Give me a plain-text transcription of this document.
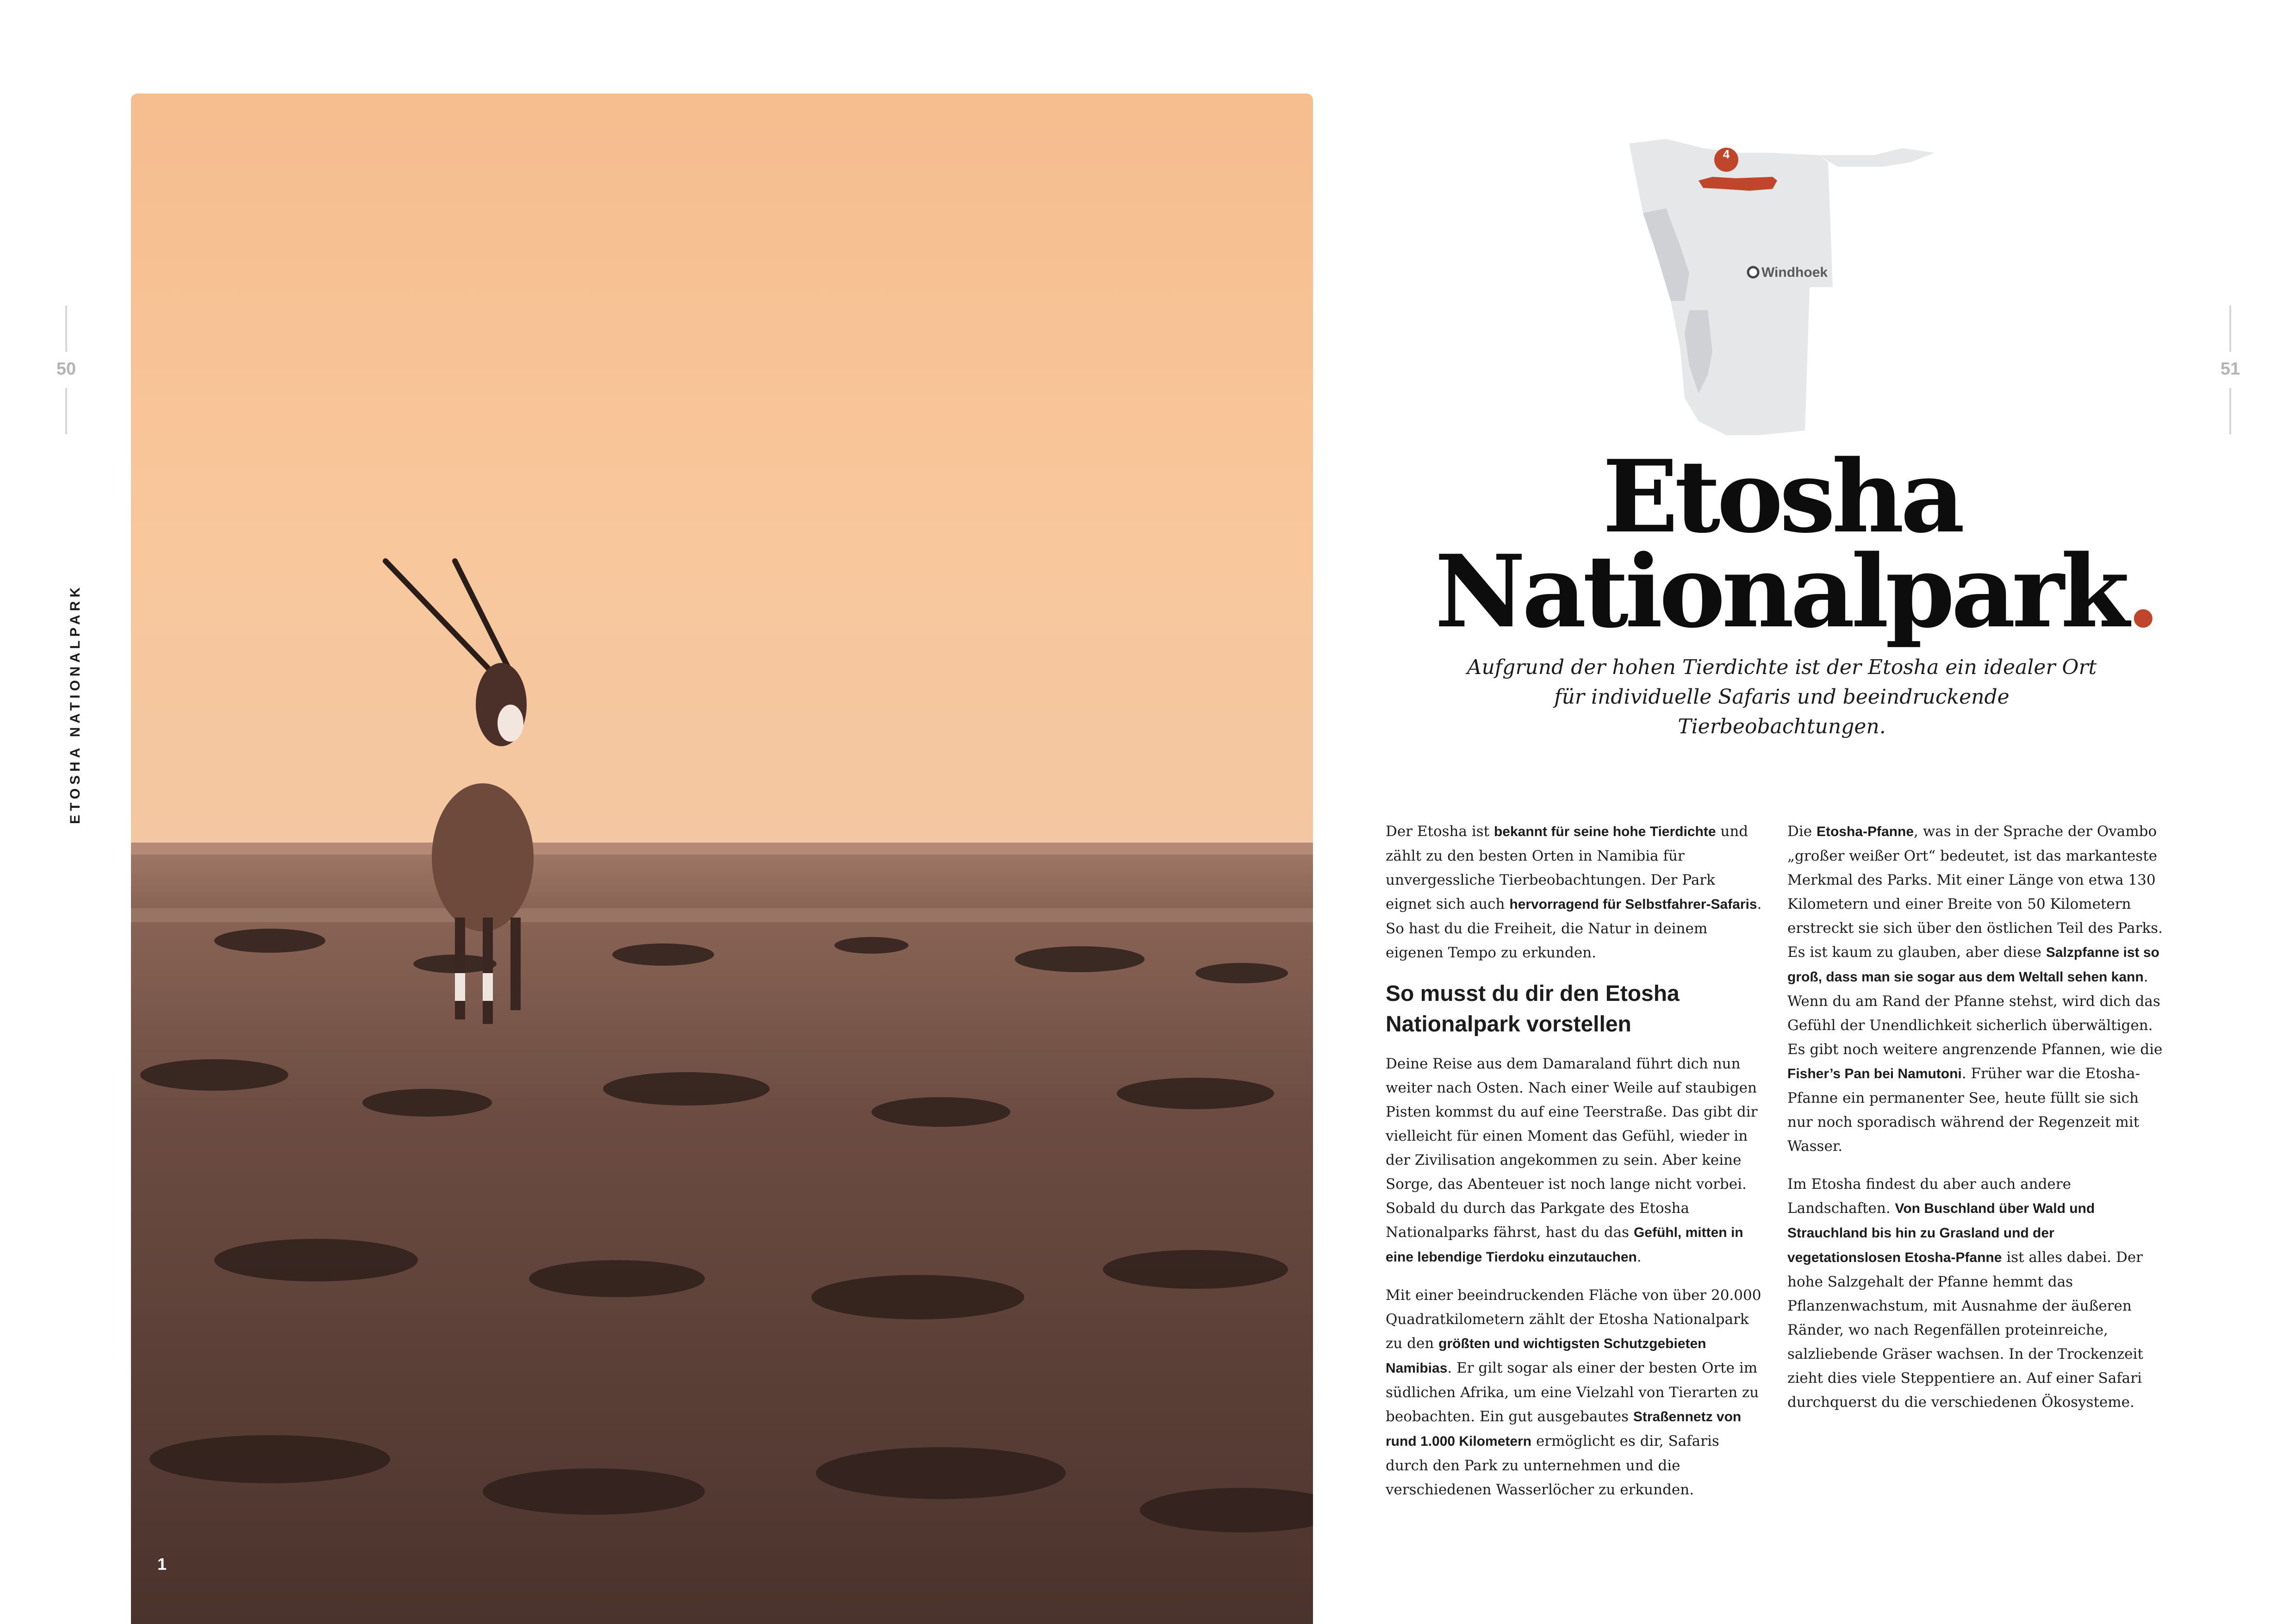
50	51
ETOSHA NATIONALPARK
1
4
Windhoek
Etosha
Nationalpark.
Aufgrund der hohen Tierdichte ist der Etosha ein idealer Ort für individuelle Safaris und beeindruckende Tierbeobachtungen.

Der Etosha ist bekannt für seine hohe Tierdichte und zählt zu den besten Orten in Namibia für unvergessliche Tierbeobachtungen. Der Park eignet sich auch hervorragend für Selbstfahrer-Safaris. So hast du die Freiheit, die Natur in deinem eigenen Tempo zu erkunden.

So musst du dir den Etosha Nationalpark vorstellen

Deine Reise aus dem Damaraland führt dich nun weiter nach Osten. Nach einer Weile auf staubigen Pisten kommst du auf eine Teerstraße. Das gibt dir vielleicht für einen Moment das Gefühl, wieder in der Zivilisation angekommen zu sein. Aber keine Sorge, das Abenteuer ist noch lange nicht vorbei. Sobald du durch das Parkgate des Etosha Nationalparks fährst, hast du das Gefühl, mitten in eine lebendige Tierdoku einzutauchen.

Mit einer beeindruckenden Fläche von über 20.000 Quadratkilometern zählt der Etosha Nationalpark zu den größten und wichtigsten Schutzgebieten Namibias. Er gilt sogar als einer der besten Orte im südlichen Afrika, um eine Vielzahl von Tierarten zu beobachten. Ein gut ausgebautes Straßennetz von rund 1.000 Kilometern ermöglicht es dir, Safaris durch den Park zu unternehmen und die verschiedenen Wasserlöcher zu erkunden.

Die Etosha-Pfanne, was in der Sprache der Ovambo „großer weißer Ort“ bedeutet, ist das markanteste Merkmal des Parks. Mit einer Länge von etwa 130 Kilometern und einer Breite von 50 Kilometern erstreckt sie sich über den östlichen Teil des Parks. Es ist kaum zu glauben, aber diese Salzpfanne ist so groß, dass man sie sogar aus dem Weltall sehen kann. Wenn du am Rand der Pfanne stehst, wird dich das Gefühl der Unendlichkeit sicherlich überwältigen. Es gibt noch weitere angrenzende Pfannen, wie die Fisher’s Pan bei Namutoni. Früher war die Etosha-Pfanne ein permanenter See, heute füllt sie sich nur noch sporadisch während der Regenzeit mit Wasser.

Im Etosha findest du aber auch andere Landschaften. Von Buschland über Wald und Strauchland bis hin zu Grasland und der vegetationslosen Etosha-Pfanne ist alles dabei. Der hohe Salzgehalt der Pfanne hemmt das Pflanzenwachstum, mit Ausnahme der äußeren Ränder, wo nach Regenfällen proteinreiche, salzliebende Gräser wachsen. In der Trockenzeit zieht dies viele Steppentiere an. Auf einer Safari durchquerst du die verschiedenen Ökosysteme.
